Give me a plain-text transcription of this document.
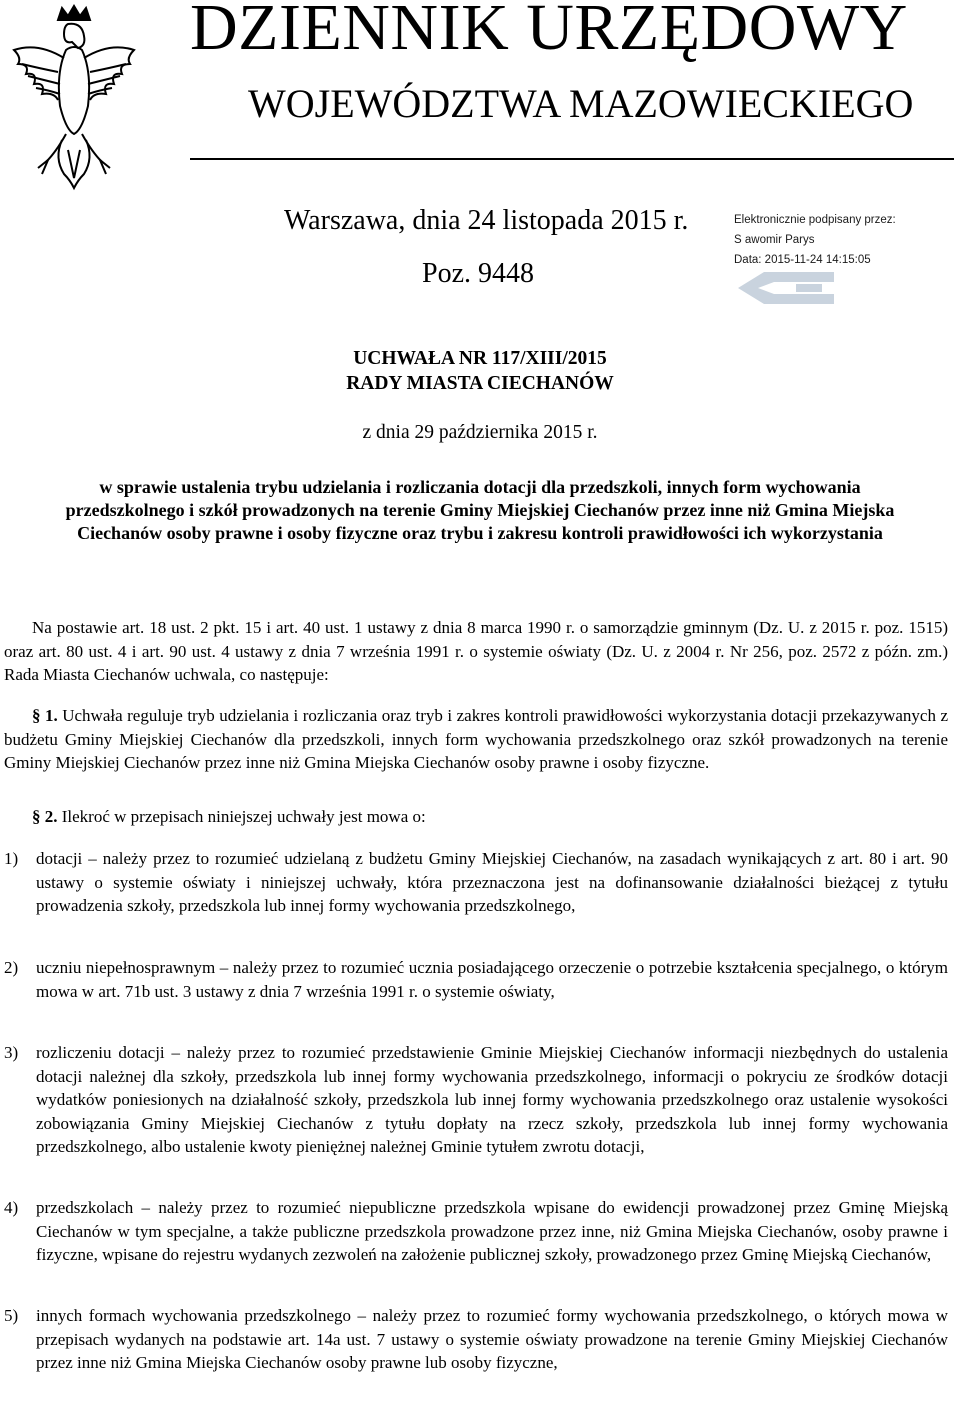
DZIENNIK URZĘDOWY
WOJEWÓDZTWA MAZOWIECKIEGO
Warszawa, dnia 24 listopada 2015 r.
Poz. 9448
Elektronicznie podpisany przez:
S awomir Parys
Data: 2015-11-24 14:15:05
UCHWAŁA NR 117/XIII/2015
RADY MIASTA CIECHANÓW
z dnia 29 października 2015 r.
w sprawie ustalenia trybu udzielania i rozliczania dotacji dla przedszkoli, innych form wychowania przedszkolnego i szkół prowadzonych na terenie Gminy Miejskiej Ciechanów przez inne niż Gmina Miejska Ciechanów osoby prawne i osoby fizyczne oraz trybu i zakresu kontroli prawidłowości ich wykorzystania
Na postawie art. 18 ust. 2 pkt. 15 i art. 40 ust. 1 ustawy z dnia 8 marca 1990 r. o samorządzie gminnym (Dz. U. z 2015 r. poz. 1515) oraz art. 80 ust. 4 i art. 90 ust. 4 ustawy z dnia 7 września 1991 r. o systemie oświaty (Dz. U. z 2004 r. Nr 256, poz. 2572 z późn. zm.) Rada Miasta Ciechanów uchwala, co następuje:
§ 1. Uchwała reguluje tryb udzielania i rozliczania oraz tryb i zakres kontroli prawidłowości wykorzystania dotacji przekazywanych z budżetu Gminy Miejskiej Ciechanów dla przedszkoli, innych form wychowania przedszkolnego oraz szkół prowadzonych na terenie Gminy Miejskiej Ciechanów przez inne niż Gmina Miejska Ciechanów osoby prawne i osoby fizyczne.
§ 2. Ilekroć w przepisach niniejszej uchwały jest mowa o:
1)	dotacji – należy przez to rozumieć udzielaną z budżetu Gminy Miejskiej Ciechanów, na zasadach wynikających z art. 80 i art. 90 ustawy o systemie oświaty i niniejszej uchwały, która przeznaczona jest na dofinansowanie działalności bieżącej z tytułu prowadzenia szkoły, przedszkola lub innej formy wychowania przedszkolnego,
2)	uczniu niepełnosprawnym – należy przez to rozumieć ucznia posiadającego orzeczenie o potrzebie kształcenia specjalnego, o którym mowa w art. 71b ust. 3 ustawy z dnia 7 września 1991 r. o systemie oświaty,
3)	rozliczeniu dotacji – należy przez to rozumieć przedstawienie Gminie Miejskiej Ciechanów informacji niezbędnych do ustalenia dotacji należnej dla szkoły, przedszkola lub innej formy wychowania przedszkolnego, informacji o pokryciu ze środków dotacji wydatków poniesionych na działalność szkoły, przedszkola lub innej formy wychowania przedszkolnego oraz ustalenie wysokości zobowiązania Gminy Miejskiej Ciechanów z tytułu dopłaty na rzecz szkoły, przedszkola lub innej formy wychowania przedszkolnego, albo ustalenie kwoty pieniężnej należnej Gminie tytułem zwrotu dotacji,
4)	przedszkolach – należy przez to rozumieć niepubliczne przedszkola wpisane do ewidencji prowadzonej przez Gminę Miejską Ciechanów w tym specjalne, a także publiczne przedszkola prowadzone przez inne, niż Gmina Miejska Ciechanów, osoby prawne i fizyczne, wpisane do rejestru wydanych zezwoleń na założenie publicznej szkoły, prowadzonego przez Gminę Miejską Ciechanów,
5)	innych formach wychowania przedszkolnego – należy przez to rozumieć formy wychowania przedszkolnego, o których mowa w przepisach wydanych na podstawie art. 14a ust. 7 ustawy o systemie oświaty prowadzone na terenie Gminy Miejskiej Ciechanów przez inne niż Gmina Miejska Ciechanów osoby prawne lub osoby fizyczne,
